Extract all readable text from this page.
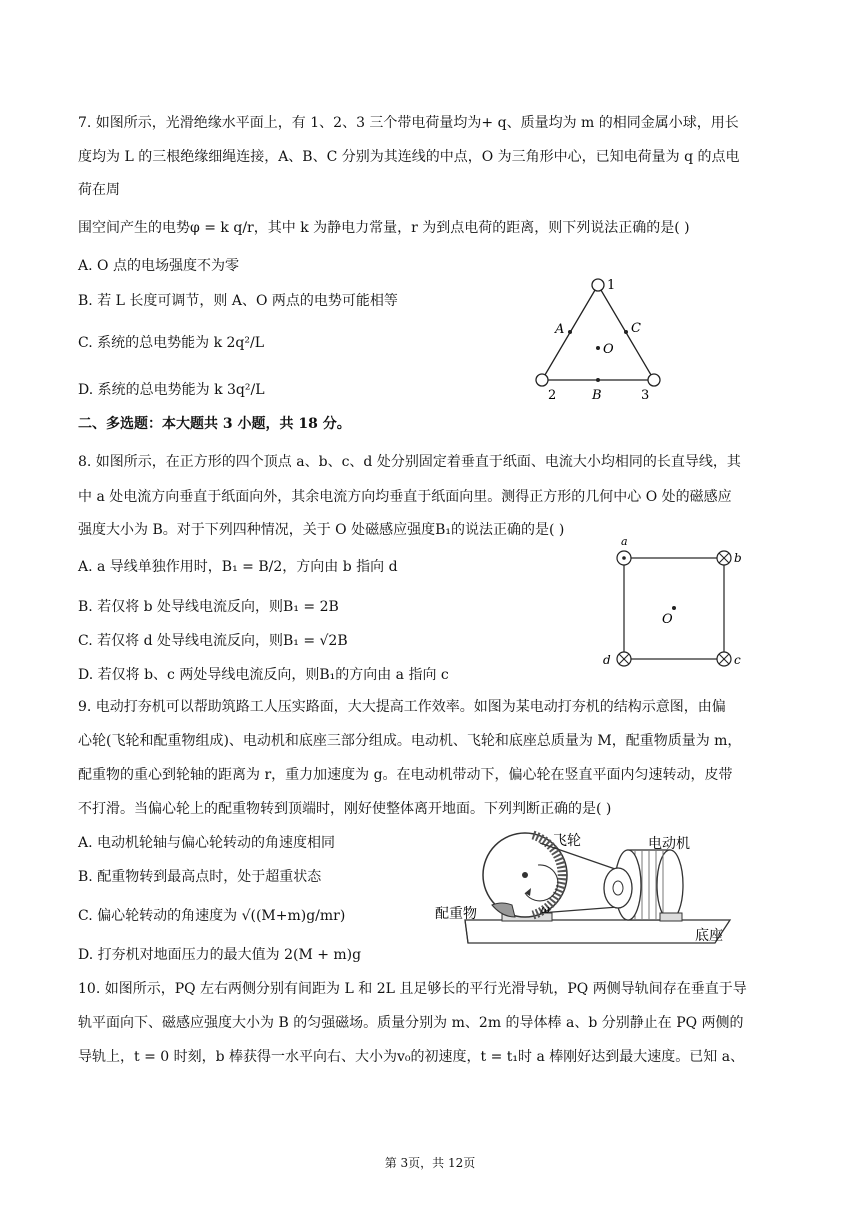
7. 如图所示，光滑绝缘水平面上，有 1、2、3 三个带电荷量均为+ q、质量均为 m 的相同金属小球，用长
度均为 L 的三根绝缘细绳连接，A、B、C 分别为其连线的中点，O 为三角形中心，已知电荷量为 q 的点电
荷在周
围空间产生的电势φ = k q/r，其中 k 为静电力常量，r 为到点电荷的距离，则下列说法正确的是( )
A. O 点的电场强度不为零
B. 若 L 长度可调节，则 A、O 两点的电势可能相等
C. 系统的总电势能为 k 2q²/L
D. 系统的总电势能为 k 3q²/L
1
2	3
A	C
B
O
二、多选题：本大题共 3 小题，共 18 分。
8. 如图所示，在正方形的四个顶点 a、b、c、d 处分别固定着垂直于纸面、电流大小均相同的长直导线，其
中 a 处电流方向垂直于纸面向外，其余电流方向均垂直于纸面向里。测得正方形的几何中心 O 处的磁感应
强度大小为 B。对于下列四种情况，关于 O 处磁感应强度B₁的说法正确的是( )
A. a 导线单独作用时，B₁ = B/2，方向由 b 指向 d
B. 若仅将 b 处导线电流反向，则B₁ = 2B
C. 若仅将 d 处导线电流反向，则B₁ = √2B
D. 若仅将 b、c 两处导线电流反向，则B₁的方向由 a 指向 c
a
b
c
d
O
9. 电动打夯机可以帮助筑路工人压实路面，大大提高工作效率。如图为某电动打夯机的结构示意图，由偏
心轮(飞轮和配重物组成)、电动机和底座三部分组成。电动机、飞轮和底座总质量为 M，配重物质量为 m，
配重物的重心到轮轴的距离为 r，重力加速度为 g。在电动机带动下，偏心轮在竖直平面内匀速转动，皮带
不打滑。当偏心轮上的配重物转到顶端时，刚好使整体离开地面。下列判断正确的是( )
A. 电动机轮轴与偏心轮转动的角速度相同
B. 配重物转到最高点时，处于超重状态
C. 偏心轮转动的角速度为 √((M+m)g/mr)
D. 打夯机对地面压力的最大值为 2(M + m)g
飞轮	电动机
配重物
底座
ω
10. 如图所示，PQ 左右两侧分别有间距为 L 和 2L 且足够长的平行光滑导轨，PQ 两侧导轨间存在垂直于导
轨平面向下、磁感应强度大小为 B 的匀强磁场。质量分别为 m、2m 的导体棒 a、b 分别静止在 PQ 两侧的
导轨上，t = 0 时刻，b 棒获得一水平向右、大小为v₀的初速度，t = t₁时 a 棒刚好达到最大速度。已知 a、
第 3页，共 12页
